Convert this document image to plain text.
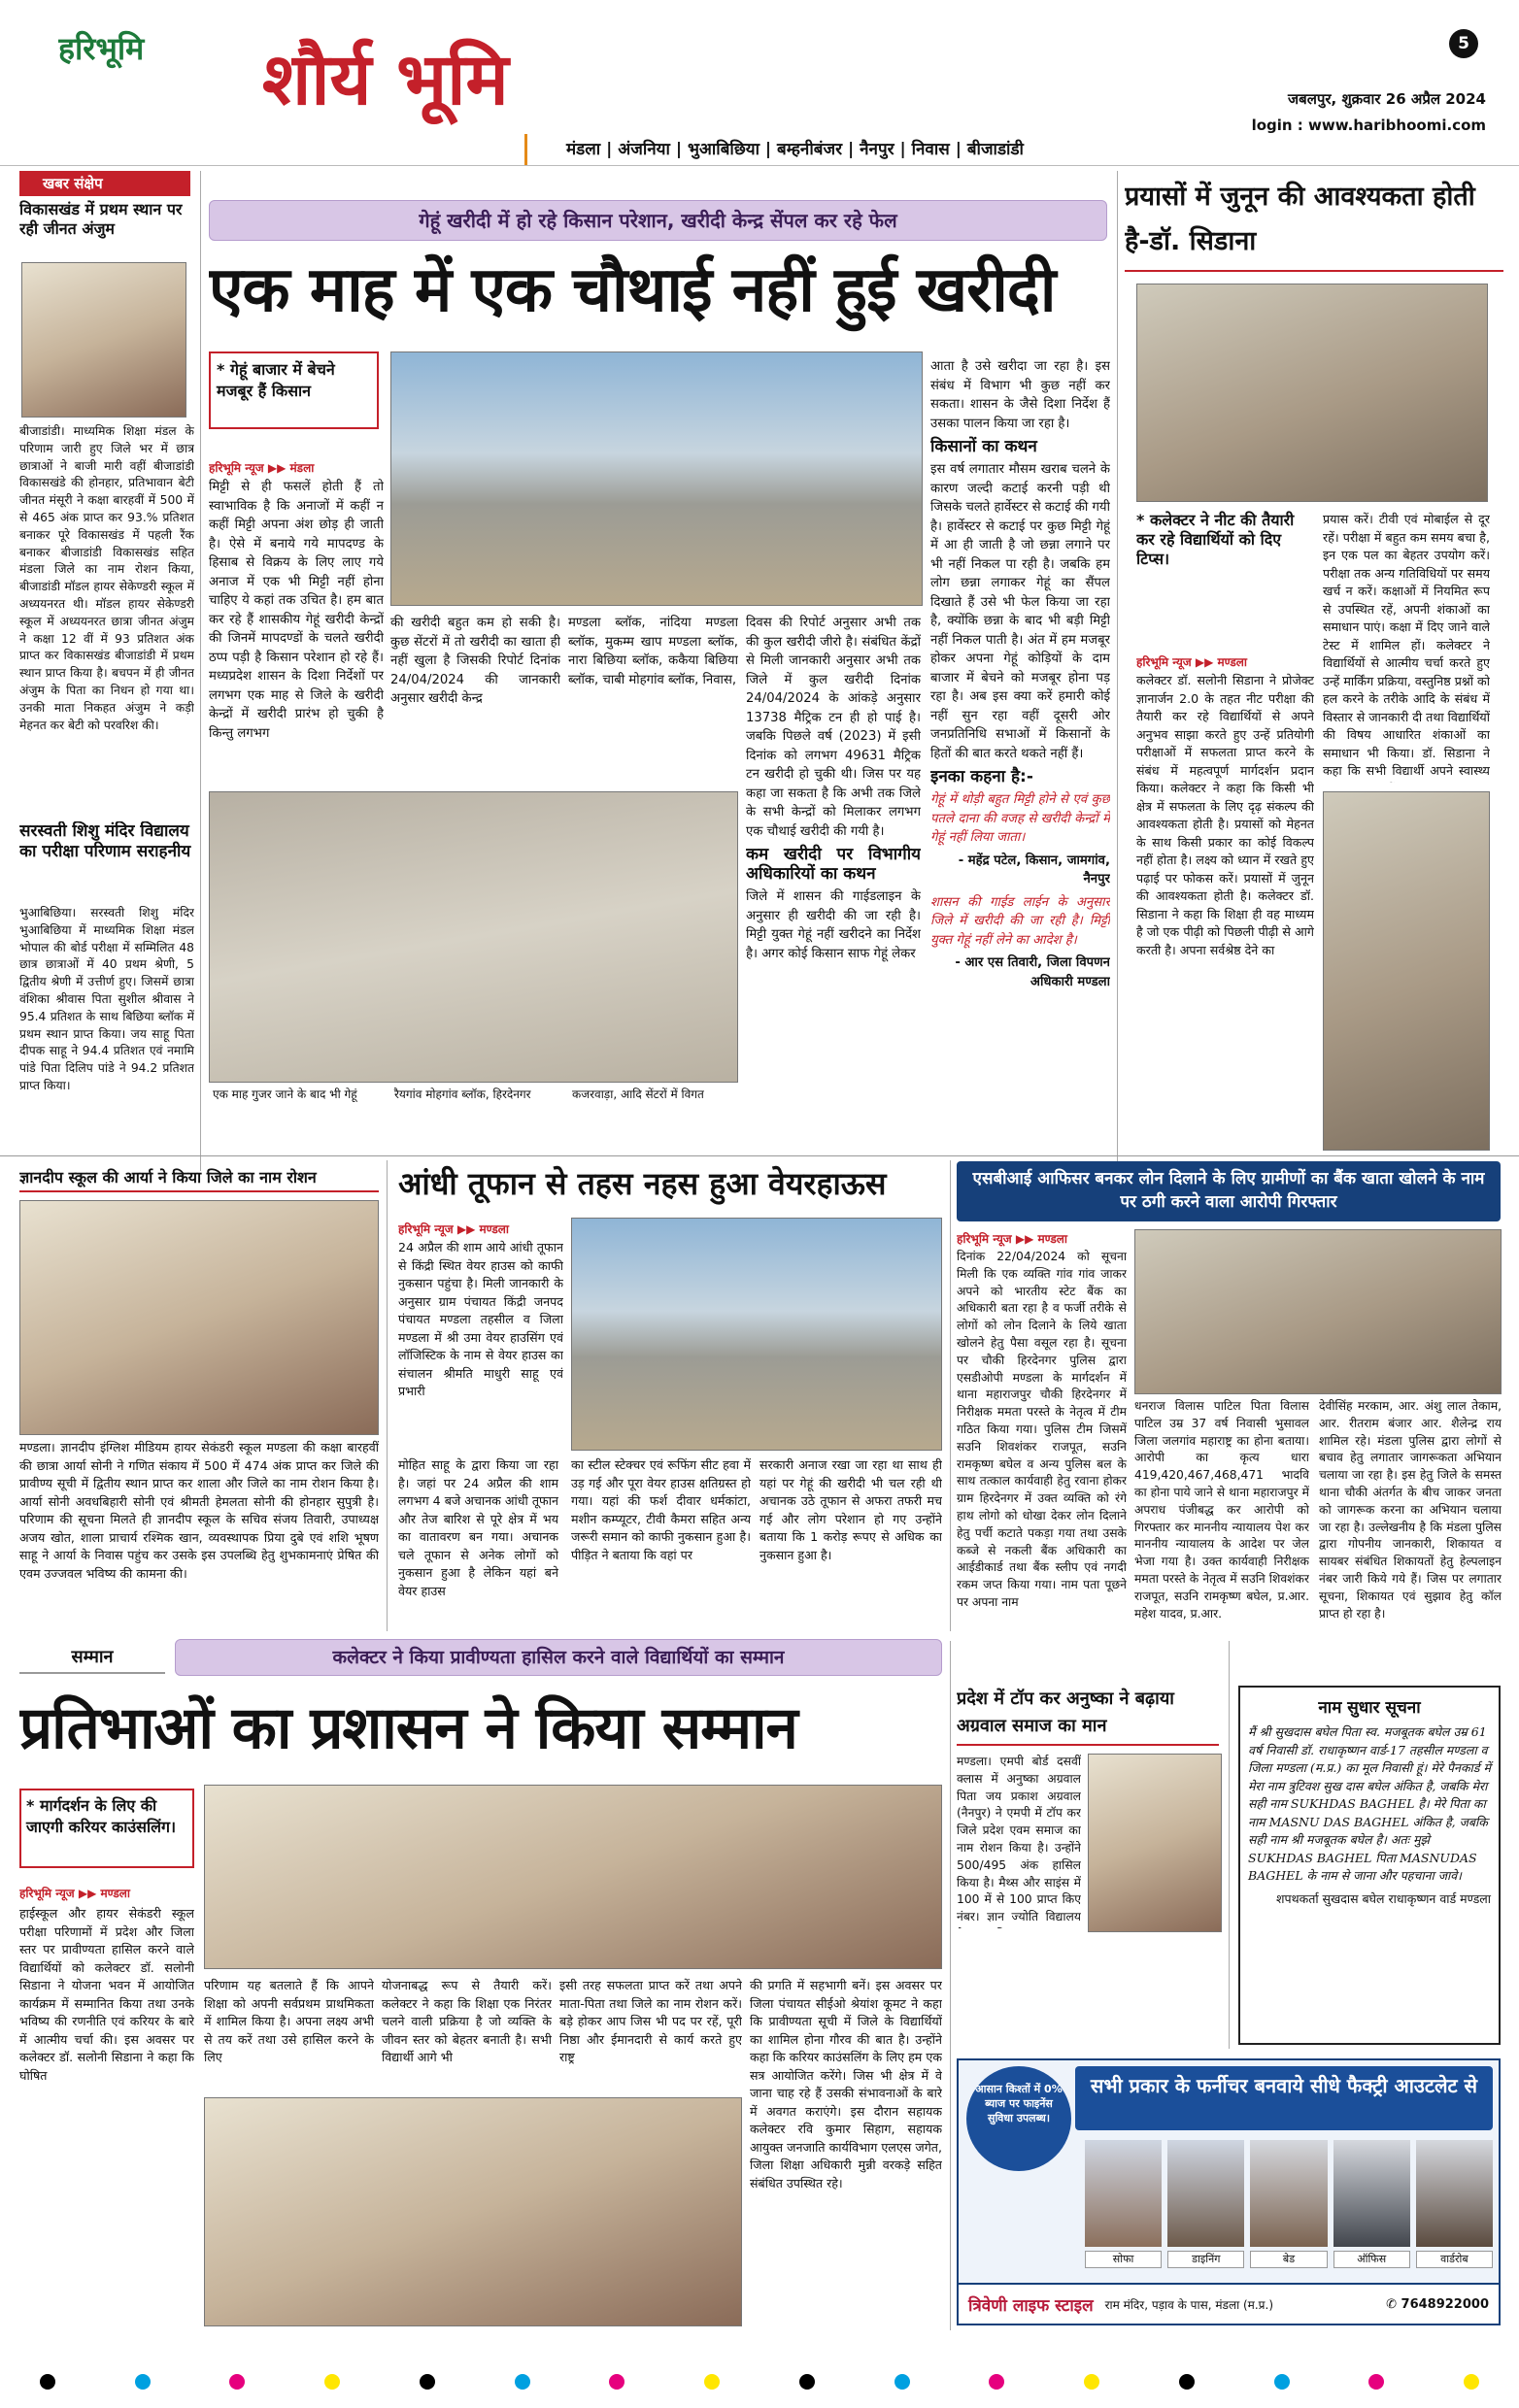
हरिभूमि	शौर्य भूमि	5
जबलपुर, शुक्रवार 26 अप्रैल 2024
login : www.haribhoomi.com
मंडला | अंजनिया | भुआबिछिया | बम्हनीबंजर | नैनपुर | निवास | बीजाडांडी
खबर संक्षेप
विकासखंड में प्रथम स्थान पर रही जीनत अंजुम
बीजाडांडी। माध्यमिक शिक्षा मंडल के परिणाम जारी हुए जिले भर में छात्र छात्राओं ने बाजी मारी वहीं बीजाडांडी विकासखंडे की होनहार, प्रतिभावान बेटी जीनत मंसूरी ने कक्षा बारहवीं में 500 में से 465 अंक प्राप्त कर 93.% प्रतिशत बनाकर पूरे विकासखंड में पहली रैंक बनाकर बीजाडांडी विकासखंड सहित मंडला जिले का नाम रोशन किया, बीजाडांडी मॉडल हायर सेकेण्डरी स्कूल में अध्ययनरत थी। मॉडल हायर सेकेण्डरी स्कूल में अध्ययनरत छात्रा जीनत अंजुम ने कक्षा 12 वीं में 93 प्रतिशत अंक प्राप्त कर विकासखंड बीजाडांडी में प्रथम स्थान प्राप्त किया है। बचपन में ही जीनत अंजुम के पिता का निधन हो गया था। उनकी माता निकहत अंजुम ने कड़ी मेहनत कर बेटी को परवरिश की।
सरस्वती शिशु मंदिर विद्यालय का परीक्षा परिणाम सराहनीय
भुआबिछिया। सरस्वती शिशु मंदिर भुआबिछिया में माध्यमिक शिक्षा मंडल भोपाल की बोर्ड परीक्षा में सम्मिलित 48 छात्र छात्राओं में 40 प्रथम श्रेणी, 5 द्वितीय श्रेणी में उत्तीर्ण हुए। जिसमें छात्रा वंशिका श्रीवास पिता सुशील श्रीवास ने 95.4 प्रतिशत के साथ बिछिया ब्लॉक में प्रथम स्थान प्राप्त किया। जय साहू पिता दीपक साहू ने 94.4 प्रतिशत एवं नमामि पांडे पिता दिलिप पांडे ने 94.2 प्रतिशत प्राप्त किया।
गेहूं खरीदी में हो रहे किसान परेशान, खरीदी केन्द्र सेंपल कर रहे फेल
एक माह में एक चौथाई नहीं हुई खरीदी
* गेहूं बाजार में बेचने मजबूर हैं किसान
हरिभूमि न्यूज ▶▶ मंडला
मिट्टी से ही फसलें होती हैं तो स्वाभाविक है कि अनाजों में कहीं न कहीं मिट्टी अपना अंश छोड़ ही जाती है। ऐसे में बनाये गये मापदण्ड के हिसाब से विक्रय के लिए लाए गये अनाज में एक भी मिट्टी नहीं होना चाहिए ये कहां तक उचित है। हम बात कर रहे हैं शासकीय गेहूं खरीदी केन्द्रों की जिनमें मापदण्डों के चलते खरीदी ठप्प पड़ी है किसान परेशान हो रहे हैं। मध्यप्रदेश शासन के दिशा निर्देशों पर लगभग एक माह से जिले के खरीदी केन्द्रों में खरीदी प्रारंभ हो चुकी है किन्तु लगभग
की खरीदी बहुत कम हो सकी है। कुछ सेंटरों में तो खरीदी का खाता ही नहीं खुला है जिसकी रिपोर्ट दिनांक 24/04/2024 की जानकारी अनुसार खरीदी केन्द्र
मण्डला ब्लॉक, नांदिया मण्डला ब्लॉक, मुकम्म खाप मण्डला ब्लॉक, नारा बिछिया ब्लॉक, ककैया बिछिया ब्लॉक, चाबी मोहगांव ब्लॉक, निवास,

दिवस की रिपोर्ट अनुसार अभी तक की कुल खरीदी जीरो है। संबंधित केंद्रों से मिली जानकारी अनुसार अभी तक जिले में कुल खरीदी दिनांक 24/04/2024 के आंकड़े अनुसार 13738 मैट्रिक टन ही हो पाई है। जबकि पिछले वर्ष (2023) में इसी दिनांक को लगभग 49631 मैट्रिक टन खरीदी हो चुकी थी। जिस पर यह कहा जा सकता है कि अभी तक जिले के सभी केन्द्रों को मिलाकर लगभग एक चौथाई खरीदी की गयी है।

कम खरीदी पर विभागीय अधिकारियों का कथन

जिले में शासन की गाईडलाइन के अनुसार ही खरीदी की जा रही है। मिट्टी युक्त गेहूं नहीं खरीदने का निर्देश है। अगर कोई किसान साफ गेहूं लेकर

एक माह गुजर जाने के बाद भी गेहूं	रैयगांव मोहगांव ब्लॉक, हिरदेनगर	कजरवाड़ा, आदि सेंटरों में विगत

आता है उसे खरीदा जा रहा है। इस संबंध में विभाग भी कुछ नहीं कर सकता। शासन के जैसे दिशा निर्देश हैं उसका पालन किया जा रहा है।

किसानों का कथन

इस वर्ष लगातार मौसम खराब चलने के कारण जल्दी कटाई करनी पड़ी थी जिसके चलते हार्वेस्टर से कटाई की गयी है। हार्वेस्टर से कटाई पर कुछ मिट्टी गेहूं में आ ही जाती है जो छन्ना लगाने पर भी नहीं निकल पा रही है। जबकि हम लोग छन्ना लगाकर गेहूं का सैंपल दिखाते हैं उसे भी फेल किया जा रहा है, क्योंकि छन्ना के बाद भी बड़ी मिट्टी नहीं निकल पाती है। अंत में हम मजबूर होकर अपना गेहूं कोड़ियों के दाम बाजार में बेचने को मजबूर होना पड़ रहा है। अब इस क्या करें हमारी कोई नहीं सुन रहा वहीं दूसरी ओर जनप्रतिनिधि सभाओं में किसानों के हितों की बात करते थकते नहीं हैं।

इनका कहना है:-

गेहूं में थोड़ी बहुत मिट्टी होने से एवं कुछ पतले दाना की वजह से खरीदी केन्द्रों में गेहूं नहीं लिया जाता।

- महेंद्र पटेल, किसान, जामगांव, नैनपुर

शासन की गाईड लाईन के अनुसार जिले में खरीदी की जा रही है। मिट्टी युक्त गेहूं नहीं लेने का आदेश है।

- आर एस तिवारी, जिला विपणन अधिकारी मण्डला

प्रयासों में जुनून की आवश्यकता होती है-डॉ. सिडाना
* कलेक्टर ने नीट की तैयारी कर रहे विद्यार्थियों को दिए टिप्स।
हरिभूमि न्यूज ▶▶ मण्डला
कलेक्टर डॉ. सलोनी सिडाना ने प्रोजेक्ट ज्ञानार्जन 2.0 के तहत नीट परीक्षा की तैयारी कर रहे विद्यार्थियों से अपने अनुभव साझा करते हुए उन्हें प्रतियोगी परीक्षाओं में सफलता प्राप्त करने के संबंध में महत्वपूर्ण मार्गदर्शन प्रदान किया। कलेक्टर ने कहा कि किसी भी क्षेत्र में सफलता के लिए दृढ़ संकल्प की आवश्यकता होती है। प्रयासों को मेहनत के साथ किसी प्रकार का कोई विकल्प नहीं होता है। लक्ष्य को ध्यान में रखते हुए पढ़ाई पर फोकस करें। प्रयासों में जुनून की आवश्यकता होती है। कलेक्टर डॉ. सिडाना ने कहा कि शिक्षा ही वह माध्यम है जो एक पीढ़ी को पिछली पीढ़ी से आगे करती है। अपना सर्वश्रेष्ठ देने का
प्रयास करें। टीवी एवं मोबाईल से दूर रहें। परीक्षा में बहुत कम समय बचा है, इन एक पल का बेहतर उपयोग करें। परीक्षा तक अन्य गतिविधियों पर समय खर्च न करें। कक्षाओं में नियमित रूप से उपस्थित रहें, अपनी शंकाओं का समाधान पाएं। कक्षा में दिए जाने वाले टेस्ट में शामिल हों। कलेक्टर ने विद्यार्थियों से आत्मीय चर्चा करते हुए उन्हें मार्किंग प्रक्रिया, वस्तुनिष्ठ प्रश्नों को हल करने के तरीके आदि के संबंध में विस्तार से जानकारी दी तथा विद्यार्थियों की विषय आधारित शंकाओं का समाधान भी किया। डॉ. सिडाना ने कहा कि सभी विद्यार्थी अपने स्वास्थ्य
ज्ञानदीप स्कूल की आर्या ने किया जिले का नाम रोशन
मण्डला। ज्ञानदीप इंग्लिश मीडियम हायर सेकंडरी स्कूल मण्डला की कक्षा बारहवीं की छात्रा आर्या सोनी ने गणित संकाय में 500 में 474 अंक प्राप्त कर जिले की प्रावीण्य सूची में द्वितीय स्थान प्राप्त कर शाला और जिले का नाम रोशन किया है। आर्या सोनी अवधबिहारी सोनी एवं श्रीमती हेमलता सोनी की होनहार सुपुत्री है। परिणाम की सूचना मिलते ही ज्ञानदीप स्कूल के सचिव संजय तिवारी, उपाध्यक्ष अजय खोत, शाला प्राचार्य रश्मिक खान, व्यवस्थापक प्रिया दुबे एवं शशि भूषण साहू ने आर्या के निवास पहुंच कर उसके इस उपलब्धि हेतु शुभकामनाएं प्रेषित की एवम उज्जवल भविष्य की कामना की।
आंधी तूफान से तहस नहस हुआ वेयरहाऊस
हरिभूमि न्यूज ▶▶ मण्डला
24 अप्रैल की शाम आये आंधी तूफान से किंद्री स्थित वेयर हाउस को काफी नुकसान पहुंचा है। मिली जानकारी के अनुसार ग्राम पंचायत किंद्री जनपद पंचायत मण्डला तहसील व जिला मण्डला में श्री उमा वेयर हाउसिंग एवं लॉजिस्टिक के नाम से वेयर हाउस का संचालन श्रीमति माधुरी साहू एवं प्रभारी
मोहित साहू के द्वारा किया जा रहा है। जहां पर 24 अप्रैल की शाम लगभग 4 बजे अचानक आंधी तूफान और तेज बारिश से पूरे क्षेत्र में भय का वातावरण बन गया। अचानक चले तूफान से अनेक लोगों को नुकसान हुआ है लेकिन यहां बने वेयर हाउस
का स्टील स्टेक्चर एवं रूफिंग सीट हवा में उड़ गई और पूरा वेयर हाउस क्षतिग्रस्त हो गया। यहां की फर्श दीवार धर्मकांटा, मशीन कम्प्यूटर, टीवी कैमरा सहित अन्य जरूरी समान को काफी नुकसान हुआ है। पीड़ित ने बताया कि वहां पर
सरकारी अनाज रखा जा रहा था साथ ही यहां पर गेहूं की खरीदी भी चल रही थी अचानक उठे तूफान से अफरा तफरी मच गई और लोग परेशान हो गए उन्होंने बताया कि 1 करोड़ रूपए से अधिक का नुकसान हुआ है।
एसबीआई आफिसर बनकर लोन दिलाने के लिए ग्रामीणों का बैंक खाता खोलने के नाम पर ठगी करने वाला आरोपी गिरफ्तार
हरिभूमि न्यूज ▶▶ मण्डला
दिनांक 22/04/2024 को सूचना मिली कि एक व्यक्ति गांव गांव जाकर अपने को भारतीय स्टेट बैंक का अधिकारी बता रहा है व फर्जी तरीके से लोगों को लोन दिलाने के लिये खाता खोलने हेतु पैसा वसूल रहा है। सूचना पर चौकी हिरदेनगर पुलिस द्वारा एसडीओपी मण्डला के मार्गदर्शन में थाना महाराजपुर चौकी हिरदेनगर में निरीक्षक ममता परस्ते के नेतृत्व में टीम गठित किया गया। पुलिस टीम जिसमें सउनि शिवशंकर राजपूत, सउनि रामकृष्ण बघेल व अन्य पुलिस बल के साथ तत्काल कार्यवाही हेतु रवाना होकर ग्राम हिरदेनगर में उक्त व्यक्ति को रंगे हाथ लोगो को धोखा देकर लोन दिलाने हेतु पर्ची कटाते पकड़ा गया तथा उसके कब्जे से नकली बैंक अधिकारी का आईडीकार्ड तथा बैंक स्लीप एवं नगदी रकम जप्त किया गया। नाम पता पूछने पर अपना नाम
धनराज विलास पाटिल पिता विलास पाटिल उम्र 37 वर्ष निवासी भुसावल जिला जलगांव महाराष्ट्र का होना बताया। आरोपी का कृत्य धारा 419,420,467,468,471 भादवि का होना पाये जाने से थाना महाराजपुर में अपराध पंजीबद्ध कर आरोपी को गिरफ्तार कर माननीय न्यायालय पेश कर माननीय न्यायालय के आदेश पर जेल भेजा गया है। उक्त कार्यवाही निरीक्षक ममता परस्ते के नेतृत्व में सउनि शिवशंकर राजपूत, सउनि रामकृष्ण बघेल, प्र.आर. महेश यादव, प्र.आर.
देवीसिंह मरकाम, आर. अंशु लाल तेकाम, आर. रीतराम बंजार आर. शैलेन्द्र राय शामिल रहे। मंडला पुलिस द्वारा लोगों से बचाव हेतु लगातार जागरूकता अभियान चलाया जा रहा है। इस हेतु जिले के समस्त थाना चौकी अंतर्गत के बीच जाकर जनता को जागरूक करना का अभियान चलाया जा रहा है। उल्लेखनीय है कि मंडला पुलिस द्वारा गोपनीय जानकारी, शिकायत व सायबर संबंधित शिकायतों हेतु हेल्पलाइन नंबर जारी किये गये हैं। जिस पर लगातार सूचना, शिकायत एवं सुझाव हेतु कॉल प्राप्त हो रहा है।
सम्मान	कलेक्टर ने किया प्रावीण्यता हासिल करने वाले विद्यार्थियों का सम्मान
प्रतिभाओं का प्रशासन ने किया सम्मान
* मार्गदर्शन के लिए की जाएगी करियर काउंसलिंग।
हरिभूमि न्यूज ▶▶ मण्डला
हाईस्कूल और हायर सेकंडरी स्कूल परीक्षा परिणामों में प्रदेश और जिला स्तर पर प्रावीण्यता हासिल करने वाले विद्यार्थियों को कलेक्टर डॉ. सलोनी सिडाना ने योजना भवन में आयोजित कार्यक्रम में सम्मानित किया तथा उनके भविष्य की रणनीति एवं करियर के बारे में आत्मीय चर्चा की। इस अवसर पर कलेक्टर डॉ. सलोनी सिडाना ने कहा कि घोषित
परिणाम यह बतलाते हैं कि आपने शिक्षा को अपनी सर्वप्रथम प्राथमिकता में शामिल किया है। अपना लक्ष्य अभी से तय करें तथा उसे हासिल करने के लिए
योजनाबद्ध रूप से तैयारी करें। कलेक्टर ने कहा कि शिक्षा एक निरंतर चलने वाली प्रक्रिया है जो व्यक्ति के जीवन स्तर को बेहतर बनाती है। सभी विद्यार्थी आगे भी
इसी तरह सफलता प्राप्त करें तथा अपने माता-पिता तथा जिले का नाम रोशन करें। बड़े होकर आप जिस भी पद पर रहें, पूरी निष्ठा और ईमानदारी से कार्य करते हुए राष्ट्र
की प्रगति में सहभागी बनें। इस अवसर पर जिला पंचायत सीईओ श्रेयांश कूमट ने कहा कि प्रावीण्यता सूची में जिले के विद्यार्थियों का शामिल होना गौरव की बात है। उन्होंने कहा कि करियर काउंसलिंग के लिए हम एक सत्र आयोजित करेंगे। जिस भी क्षेत्र में वे जाना चाह रहे हैं उसकी संभावनाओं के बारे में अवगत कराएंगे। इस दौरान सहायक कलेक्टर रवि कुमार सिहाग, सहायक आयुक्त जनजाति कार्यविभाग एलएस जगेत, जिला शिक्षा अधिकारी मुन्नी वरकड़े सहित संबंधित उपस्थित रहे।
प्रदेश में टॉप कर अनुष्का ने बढ़ाया अग्रवाल समाज का मान
मण्डला। एमपी बोर्ड दसवीं क्लास में अनुष्का अग्रवाल पिता जय प्रकाश अग्रवाल (नैनपुर) ने एमपी में टॉप कर जिले प्रदेश एवम समाज का नाम रोशन किया है। उन्होंने 500/495 अंक हासिल किया है। मैथ्स और साइंस में 100 में से 100 प्राप्त किए नंबर। ज्ञान ज्योति विद्यालय
नाम सुधार सूचना
मैं श्री सुखदास बघेल पिता स्व. मजबूतक बघेल उम्र 61 वर्ष निवासी डॉ. राधाकृष्णन वार्ड-17 तहसील मण्डला व जिला मण्डला (म.प्र.) का मूल निवासी हूं। मेरे पैनकार्ड में मेरा नाम त्रुटिवश सुख दास बघेल अंकित है, जबकि मेरा सही नाम SUKHDAS BAGHEL है। मेरे पिता का नाम MASNU DAS BAGHEL अंकित है, जबकि सही नाम श्री मजबूतक बघेल है। अतः मुझे SUKHDAS BAGHEL पिता MASNUDAS BAGHEL के नाम से जाना और पहचाना जावे।
शपथकर्ता सुखदास बघेल राधाकृष्णन वार्ड मण्डला
सभी प्रकार के फर्नीचर बनवाये सीधे फैक्ट्री आउटलेट से
आसान किश्तों में 0% ब्याज पर फाइनेंस सुविधा उपलब्ध।
सोफा	डाइनिंग	बेड	ऑफिस	वार्डरोब
त्रिवेणी लाइफ स्टाइल राम मंदिर, पड़ाव के पास, मंडला (म.प्र.)	✆ 7648922000
